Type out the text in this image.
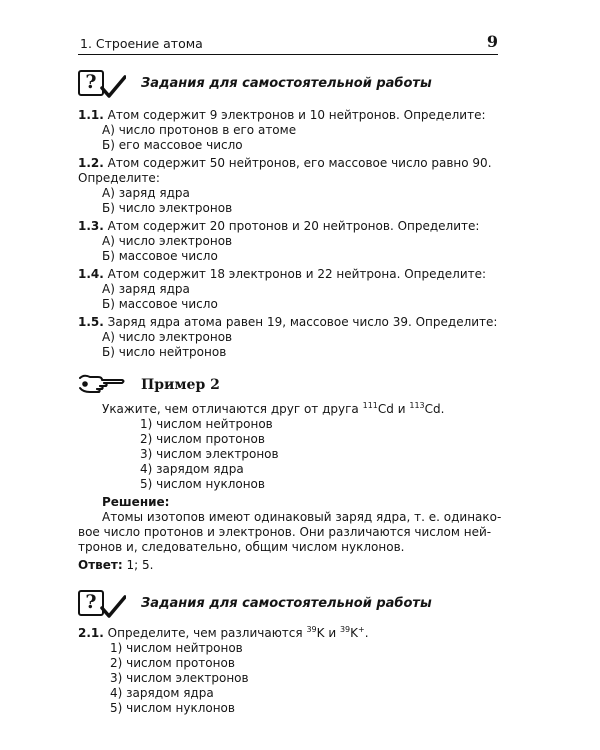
1. Строение атома	9
?	Задания для самостоятельной работы
1.1. Атом содержит 9 электронов и 10 нейтронов. Определите:
А) число протонов в его атоме
Б) его массовое число
1.2. Атом содержит 50 нейтронов, его массовое число равно 90.
Определите:
А) заряд ядра
Б) число электронов
1.3. Атом содержит 20 протонов и 20 нейтронов. Определите:
А) число электронов
Б) массовое число
1.4. Атом содержит 18 электронов и 22 нейтрона. Определите:
А) заряд ядра
Б) массовое число
1.5. Заряд ядра атома равен 19, массовое число 39. Определите:
А) число электронов
Б) число нейтронов
Пример 2
Укажите, чем отличаются друг от друга $^{111}$Cd и $^{113}$Cd.
1) числом нейтронов
2) числом протонов
3) числом электронов
4) зарядом ядра
5) числом нуклонов
Решение:
Атомы изотопов имеют одинаковый заряд ядра, т. е. одинако-
вое число протонов и электронов. Они различаются числом ней-
тронов и, следовательно, общим числом нуклонов.
Ответ: 1; 5.
?	Задания для самостоятельной работы
2.1. Определите, чем различаются $^{39}$K и $^{39}$K+.
1) числом нейтронов
2) числом протонов
3) числом электронов
4) зарядом ядра
5) числом нуклонов
